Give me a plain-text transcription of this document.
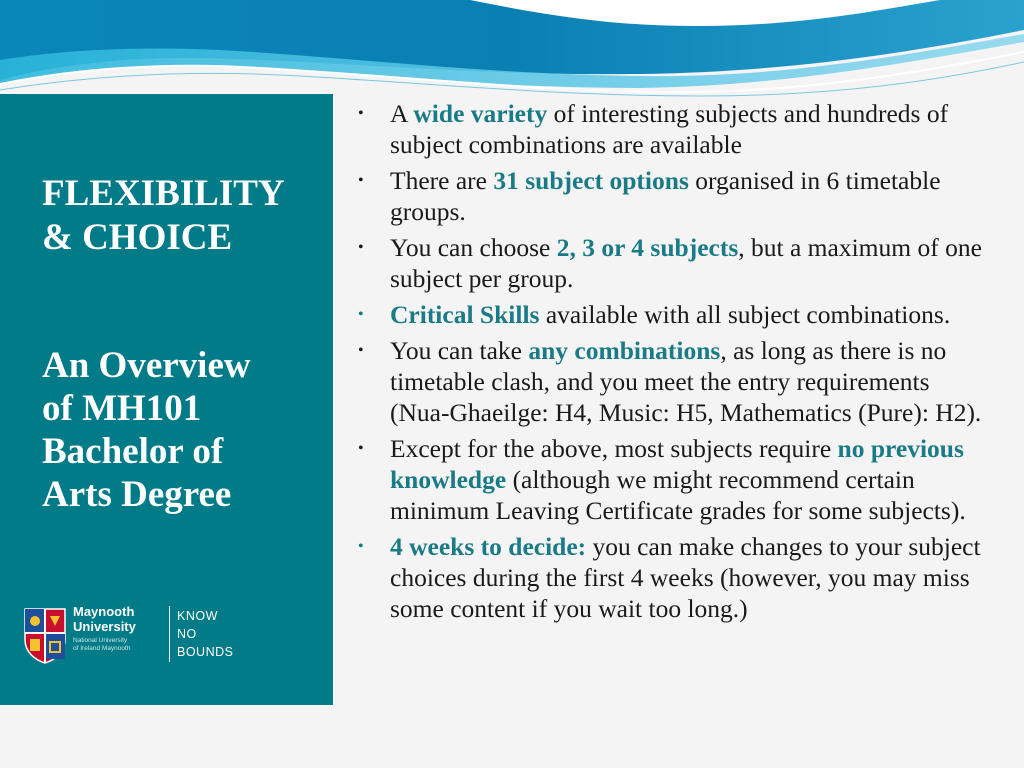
FLEXIBILITY
& CHOICE
An Overview
of MH101
Bachelor of
Arts Degree
Maynooth
University
National University
of Ireland Maynooth
KNOW
NO
BOUNDS
• A wide variety of interesting subjects and hundreds of subject combinations are available
• There are 31 subject options organised in 6 timetable groups.
• You can choose 2, 3 or 4 subjects, but a maximum of one subject per group.
• Critical Skills available with all subject combinations.
• You can take any combinations, as long as there is no timetable clash, and you meet the entry requirements (Nua-Ghaeilge: H4, Music: H5, Mathematics (Pure): H2).
• Except for the above, most subjects require no previous knowledge (although we might recommend certain minimum Leaving Certificate grades for some subjects).
• 4 weeks to decide: you can make changes to your subject choices during the first 4 weeks (however, you may miss some content if you wait too long.)
